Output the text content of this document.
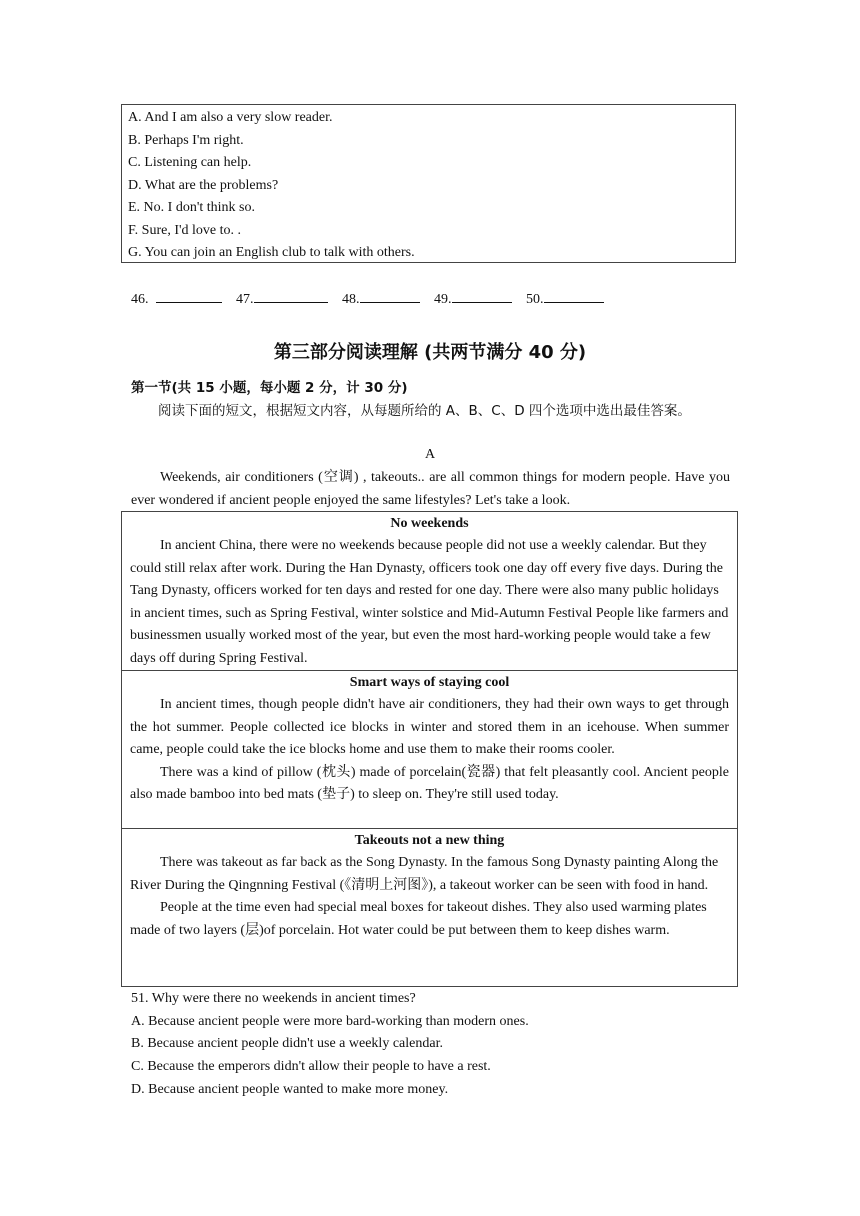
A. And I am also a very slow reader.
B. Perhaps I'm right.
C. Listening can help.
D. What are the problems?
E. No. I don't think so.
F. Sure, I'd love to. .
G. You can join an English club to talk with others.
46.	47.	48.	49.	50.
第三部分阅读理解 (共两节满分 40 分)
第一节(共 15 小题，每小题 2 分，计 30 分)
阅读下面的短文，根据短文内容，从每题所给的 A、B、C、D 四个选项中选出最佳答案。
A
Weekends, air conditioners (空调) , takeouts.. are all common things for modern people. Have you ever wondered if ancient people enjoyed the same lifestyles? Let's take a look.
No weekends
In ancient China, there were no weekends because people did not use a weekly calendar. But they could still relax after work. During the Han Dynasty, officers took one day off every five days. During the Tang Dynasty, officers worked for ten days and rested for one day. There were also many public holidays in ancient times, such as Spring Festival, winter solstice and Mid-Autumn Festival People like farmers and businessmen usually worked most of the year, but even the most hard-working people would take a few days off during Spring Festival.
Smart ways of staying cool
In ancient times, though people didn't have air conditioners, they had their own ways to get through the hot summer. People collected ice blocks in winter and stored them in an icehouse. When summer came, people could take the ice blocks home and use them to make their rooms cooler.
There was a kind of pillow (枕头) made of porcelain(瓷器) that felt pleasantly cool. Ancient people also made bamboo into bed mats (垫子) to sleep on. They're still used today.
Takeouts not a new thing
There was takeout as far back as the Song Dynasty. In the famous Song Dynasty painting Along the River During the Qingnning Festival (《清明上河图》), a takeout worker can be seen with food in hand.
People at the time even had special meal boxes for takeout dishes. They also used warming plates made of two layers (层)of porcelain. Hot water could be put between them to keep dishes warm.
51. Why were there no weekends in ancient times?
A. Because ancient people were more bard-working than modern ones.
B. Because ancient people didn't use a weekly calendar.
C. Because the emperors didn't allow their people to have a rest.
D. Because ancient people wanted to make more money.
